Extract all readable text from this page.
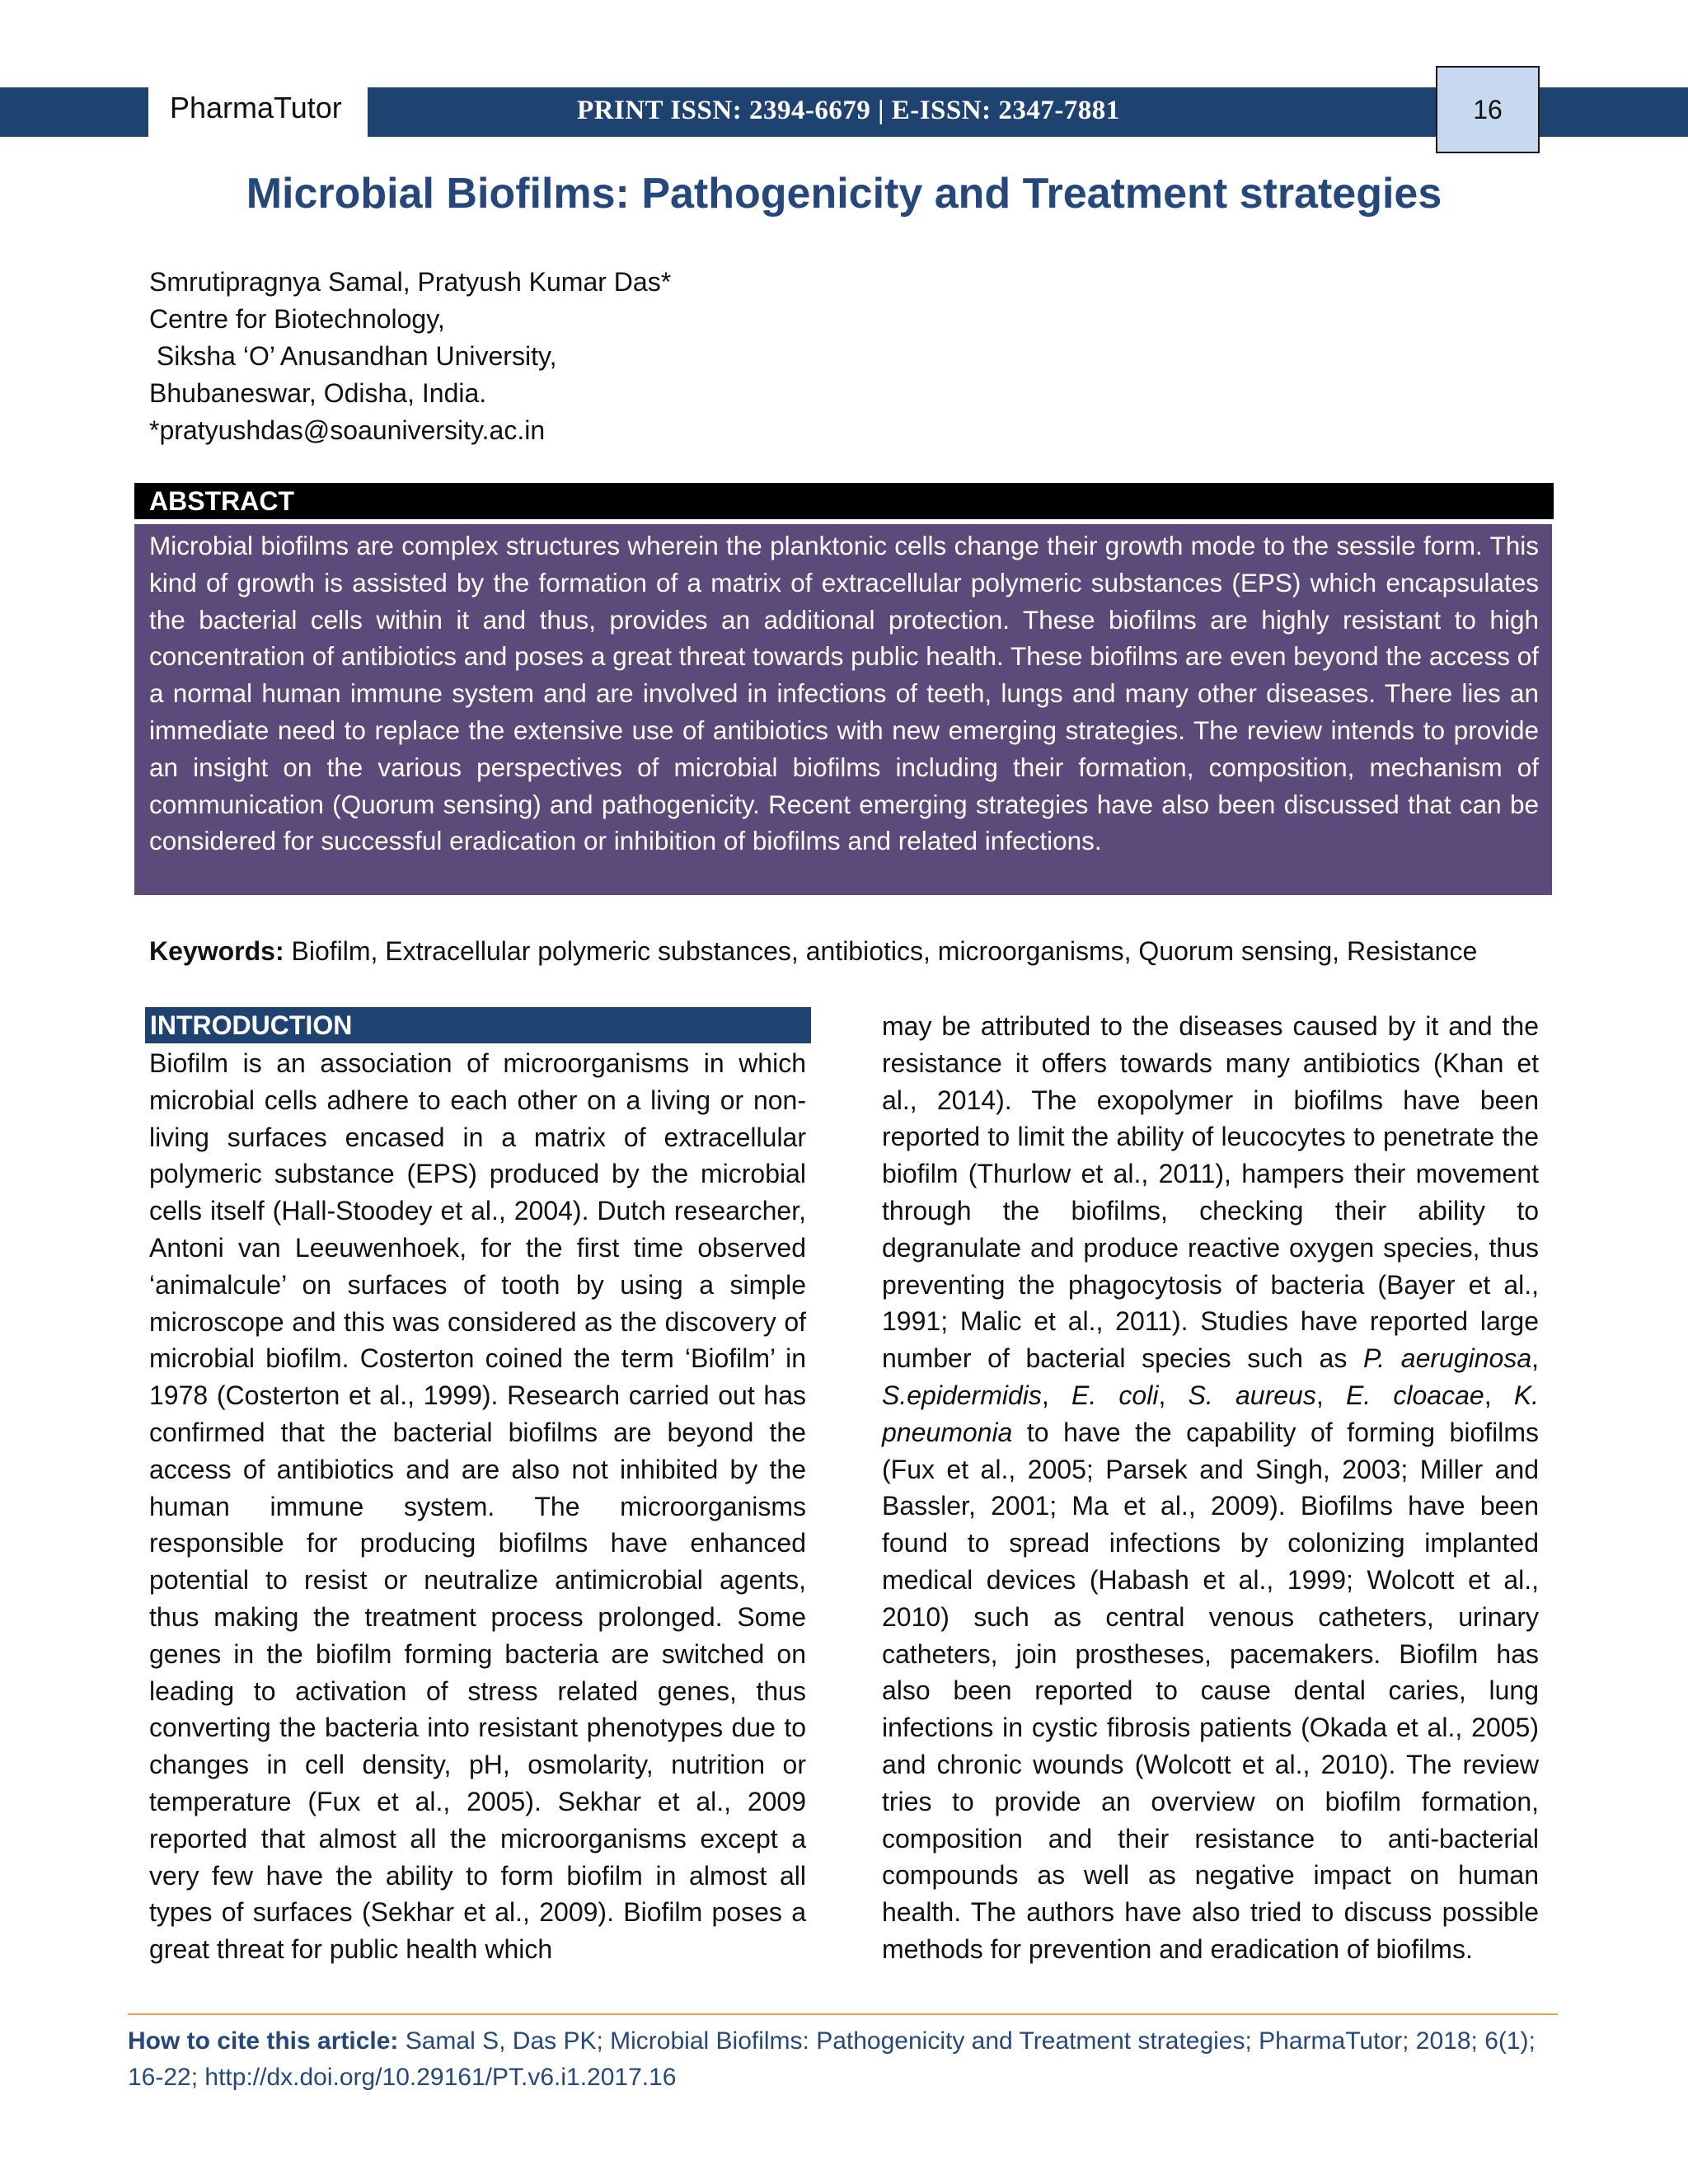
PharmaTutor	PRINT ISSN: 2394-6679 | E-ISSN: 2347-7881	16
Microbial Biofilms: Pathogenicity and Treatment strategies
Smrutipragnya Samal, Pratyush Kumar Das*
Centre for Biotechnology,
Siksha ‘O’ Anusandhan University,
Bhubaneswar, Odisha, India.
*pratyushdas@soauniversity.ac.in
ABSTRACT
Microbial biofilms are complex structures wherein the planktonic cells change their growth mode to the sessile form. This kind of growth is assisted by the formation of a matrix of extracellular polymeric substances (EPS) which encapsulates the bacterial cells within it and thus, provides an additional protection. These biofilms are highly resistant to high concentration of antibiotics and poses a great threat towards public health. These biofilms are even beyond the access of a normal human immune system and are involved in infections of teeth, lungs and many other diseases. There lies an immediate need to replace the extensive use of antibiotics with new emerging strategies. The review intends to provide an insight on the various perspectives of microbial biofilms including their formation, composition, mechanism of communication (Quorum sensing) and pathogenicity. Recent emerging strategies have also been discussed that can be considered for successful eradication or inhibition of biofilms and related infections.
Keywords: Biofilm, Extracellular polymeric substances, antibiotics, microorganisms, Quorum sensing, Resistance
INTRODUCTION
Biofilm is an association of microorganisms in which microbial cells adhere to each other on a living or non-living surfaces encased in a matrix of extracellular polymeric substance (EPS) produced by the microbial cells itself (Hall-Stoodey et al., 2004). Dutch researcher, Antoni van Leeuwenhoek, for the first time observed ‘animalcule’ on surfaces of tooth by using a simple microscope and this was considered as the discovery of microbial biofilm. Costerton coined the term ‘Biofilm’ in 1978 (Costerton et al., 1999). Research carried out has confirmed that the bacterial biofilms are beyond the access of antibiotics and are also not inhibited by the human immune system. The microorganisms responsible for producing biofilms have enhanced potential to resist or neutralize antimicrobial agents, thus making the treatment process prolonged. Some genes in the biofilm forming bacteria are switched on leading to activation of stress related genes, thus converting the bacteria into resistant phenotypes due to changes in cell density, pH, osmolarity, nutrition or temperature (Fux et al., 2005). Sekhar et al., 2009 reported that almost all the microorganisms except a very few have the ability to form biofilm in almost all types of surfaces (Sekhar et al., 2009). Biofilm poses a great threat for public health which
may be attributed to the diseases caused by it and the resistance it offers towards many antibiotics (Khan et al., 2014). The exopolymer in biofilms have been reported to limit the ability of leucocytes to penetrate the biofilm (Thurlow et al., 2011), hampers their movement through the biofilms, checking their ability to degranulate and produce reactive oxygen species, thus preventing the phagocytosis of bacteria (Bayer et al., 1991; Malic et al., 2011). Studies have reported large number of bacterial species such as P. aeruginosa, S.epidermidis, E. coli, S. aureus, E. cloacae, K. pneumonia to have the capability of forming biofilms (Fux et al., 2005; Parsek and Singh, 2003; Miller and Bassler, 2001; Ma et al., 2009). Biofilms have been found to spread infections by colonizing implanted medical devices (Habash et al., 1999; Wolcott et al., 2010) such as central venous catheters, urinary catheters, join prostheses, pacemakers. Biofilm has also been reported to cause dental caries, lung infections in cystic fibrosis patients (Okada et al., 2005) and chronic wounds (Wolcott et al., 2010). The review tries to provide an overview on biofilm formation, composition and their resistance to anti-bacterial compounds as well as negative impact on human health. The authors have also tried to discuss possible methods for prevention and eradication of biofilms.
How to cite this article: Samal S, Das PK; Microbial Biofilms: Pathogenicity and Treatment strategies; PharmaTutor; 2018; 6(1); 16-22; http://dx.doi.org/10.29161/PT.v6.i1.2017.16
